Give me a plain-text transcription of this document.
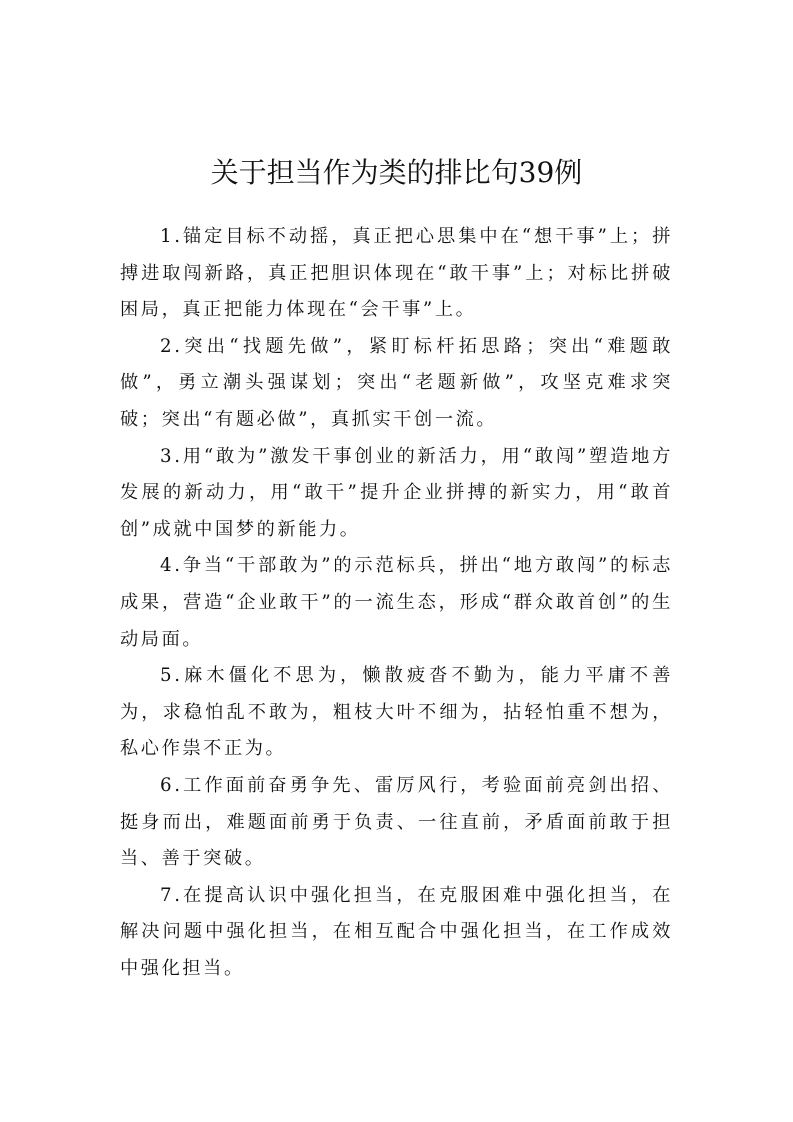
关于担当作为类的排比句39例

1.锚定目标不动摇，真正把心思集中在“想干事”上；拼搏进取闯新路，真正把胆识体现在“敢干事”上；对标比拼破困局，真正把能力体现在“会干事”上。

2.突出“找题先做”，紧盯标杆拓思路；突出“难题敢做”，勇立潮头强谋划；突出“老题新做”，攻坚克难求突破；突出“有题必做”，真抓实干创一流。

3.用“敢为”激发干事创业的新活力，用“敢闯”塑造地方发展的新动力，用“敢干”提升企业拼搏的新实力，用“敢首创”成就中国梦的新能力。

4.争当“干部敢为”的示范标兵，拼出“地方敢闯”的标志成果，营造“企业敢干”的一流生态，形成“群众敢首创”的生动局面。

5.麻木僵化不思为，懒散疲沓不勤为，能力平庸不善为，求稳怕乱不敢为，粗枝大叶不细为，拈轻怕重不想为，私心作祟不正为。

6.工作面前奋勇争先、雷厉风行，考验面前亮剑出招、挺身而出，难题面前勇于负责、一往直前，矛盾面前敢于担当、善于突破。

7.在提高认识中强化担当，在克服困难中强化担当，在解决问题中强化担当，在相互配合中强化担当，在工作成效中强化担当。
